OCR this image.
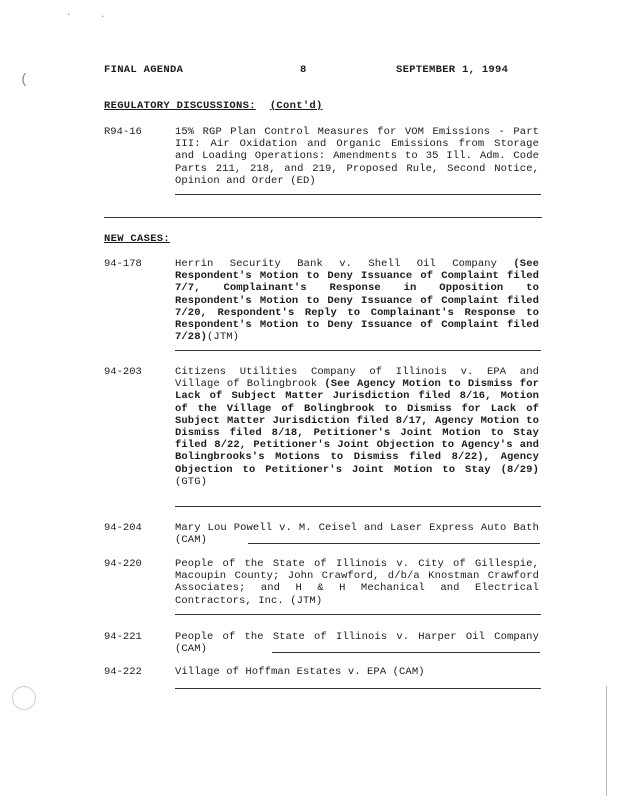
·	·
(
FINAL AGENDA	8	SEPTEMBER 1, 1994
REGULATORY DISCUSSIONS: (Cont'd)
R94-16	15% RGP Plan Control Measures for VOM Emissions - Part III: Air Oxidation and Organic Emissions from Storage and Loading Operations: Amendments to 35 Ill. Adm. Code Parts 211, 218, and 219, Proposed Rule, Second Notice, Opinion and Order (ED)
NEW CASES:
94-178	Herrin Security Bank v. Shell Oil Company (See Respondent's Motion to Deny Issuance of Complaint filed 7/7, Complainant's Response in Opposition to Respondent's Motion to Deny Issuance of Complaint filed 7/20, Respondent's Reply to Complainant's Response to Respondent's Motion to Deny Issuance of Complaint filed 7/28)(JTM)
94-203	Citizens Utilities Company of Illinois v. EPA and Village of Bolingbrook (See Agency Motion to Dismiss for Lack of Subject Matter Jurisdiction filed 8/16, Motion of the Village of Bolingbrook to Dismiss for Lack of Subject Matter Jurisdiction filed 8/17, Agency Motion to Dismiss filed 8/18, Petitioner's Joint Motion to Stay filed 8/22, Petitioner's Joint Objection to Agency's and Bolingbrooks's Motions to Dismiss filed 8/22), Agency Objection to Petitioner's Joint Motion to Stay (8/29)(GTG)
94-204	Mary Lou Powell v. M. Ceisel and Laser Express Auto Bath (CAM)
94-220	People of the State of Illinois v. City of Gillespie, Macoupin County; John Crawford, d/b/a Knostman Crawford Associates; and H & H Mechanical and Electrical Contractors, Inc. (JTM)
94-221	People of the State of Illinois v. Harper Oil Company (CAM)
94-222	Village of Hoffman Estates v. EPA (CAM)
